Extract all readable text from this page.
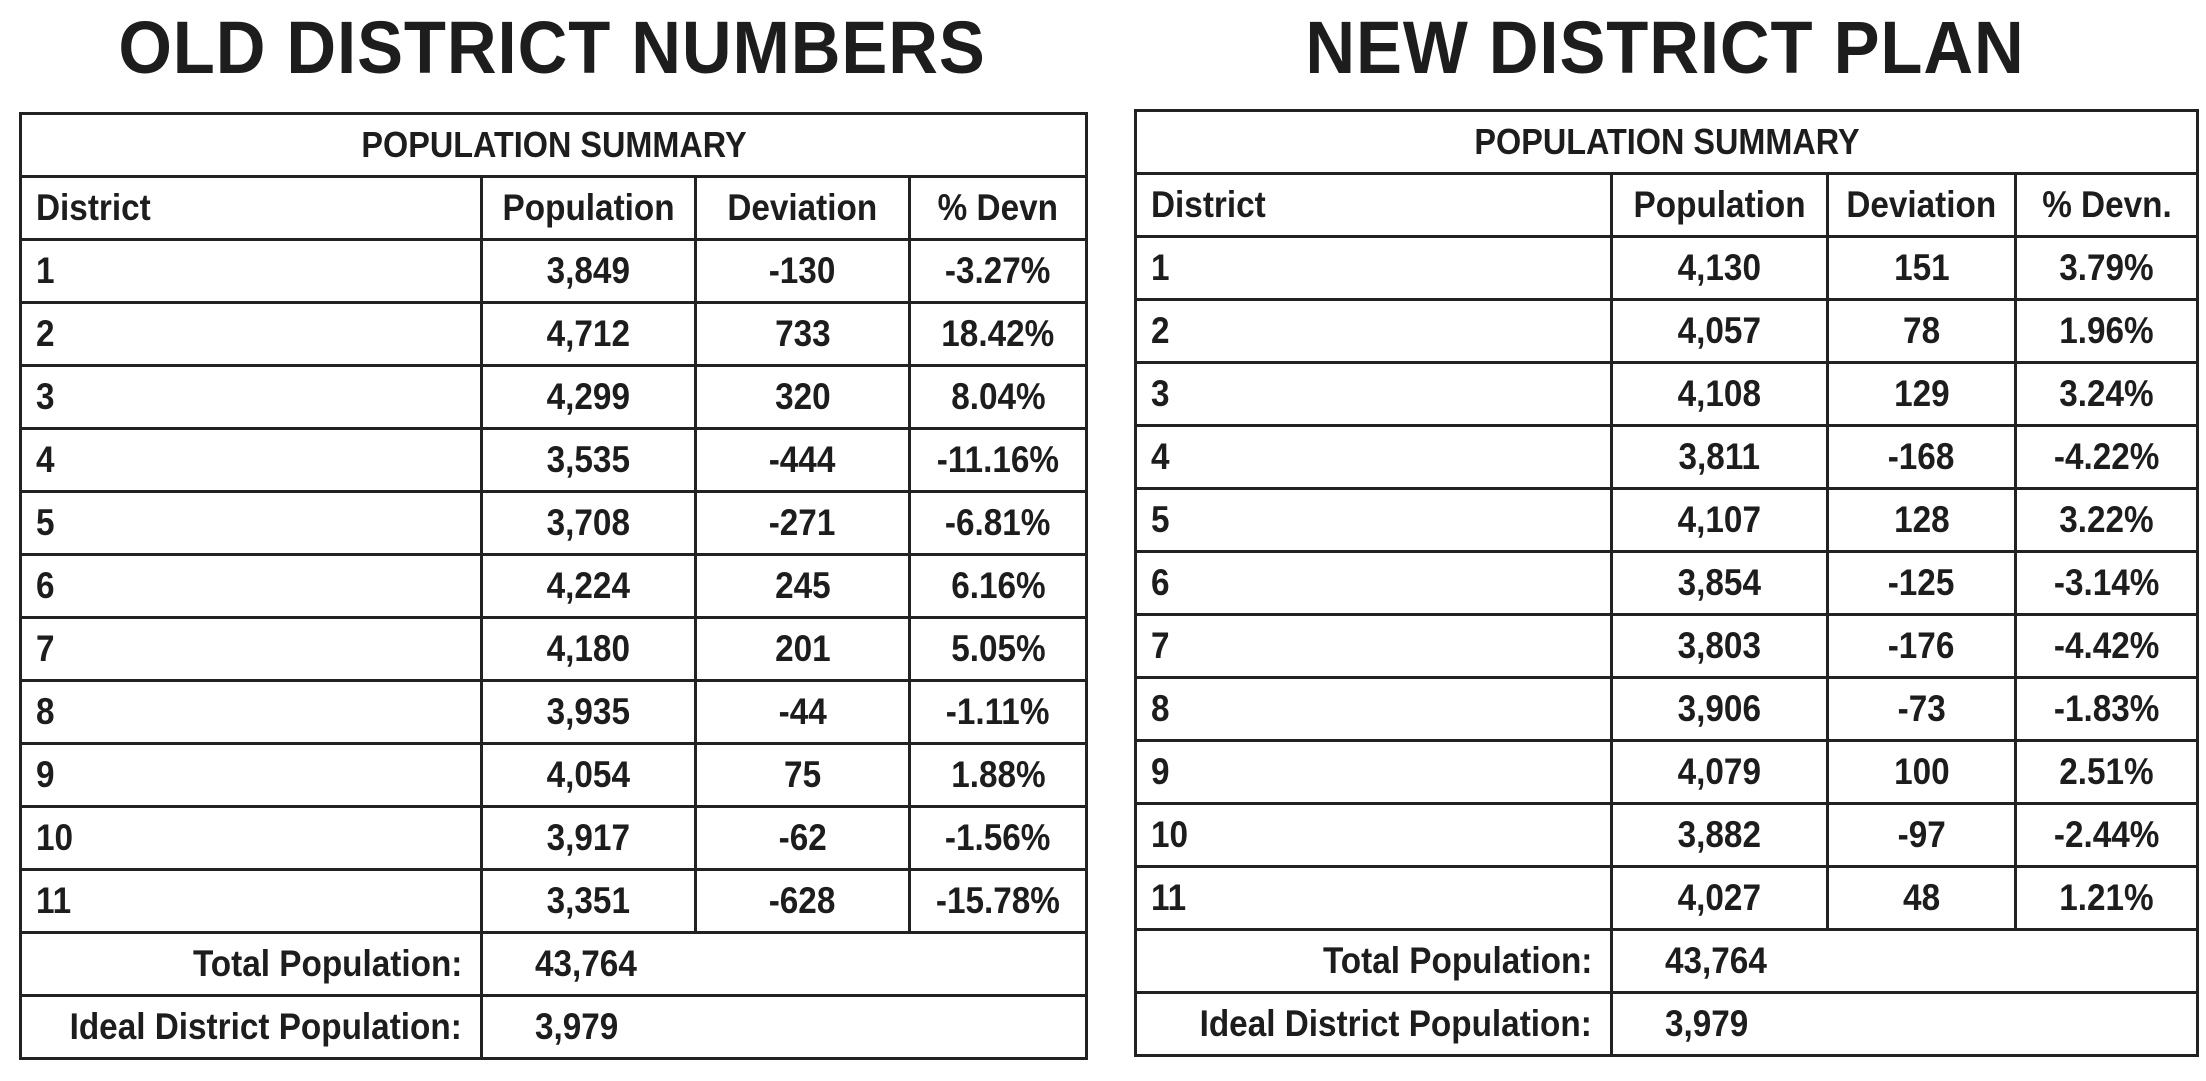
OLD DISTRICT NUMBERS
POPULATION SUMMARY			
District	Population	Deviation	% Devn
1	3,849	-130	-3.27%
2	4,712	733	18.42%
3	4,299	320	8.04%
4	3,535	-444	-11.16%
5	3,708	-271	-6.81%
6	4,224	245	6.16%
7	4,180	201	5.05%
8	3,935	-44	-1.11%
9	4,054	75	1.88%
10	3,917	-62	-1.56%
11	3,351	-628	-15.78%
Total Population:	43,764		
Ideal District Population:	3,979		
NEW DISTRICT PLAN
POPULATION SUMMARY			
District	Population	Deviation	% Devn.
1	4,130	151	3.79%
2	4,057	78	1.96%
3	4,108	129	3.24%
4	3,811	-168	-4.22%
5	4,107	128	3.22%
6	3,854	-125	-3.14%
7	3,803	-176	-4.42%
8	3,906	-73	-1.83%
9	4,079	100	2.51%
10	3,882	-97	-2.44%
11	4,027	48	1.21%
Total Population:	43,764		
Ideal District Population:	3,979		
